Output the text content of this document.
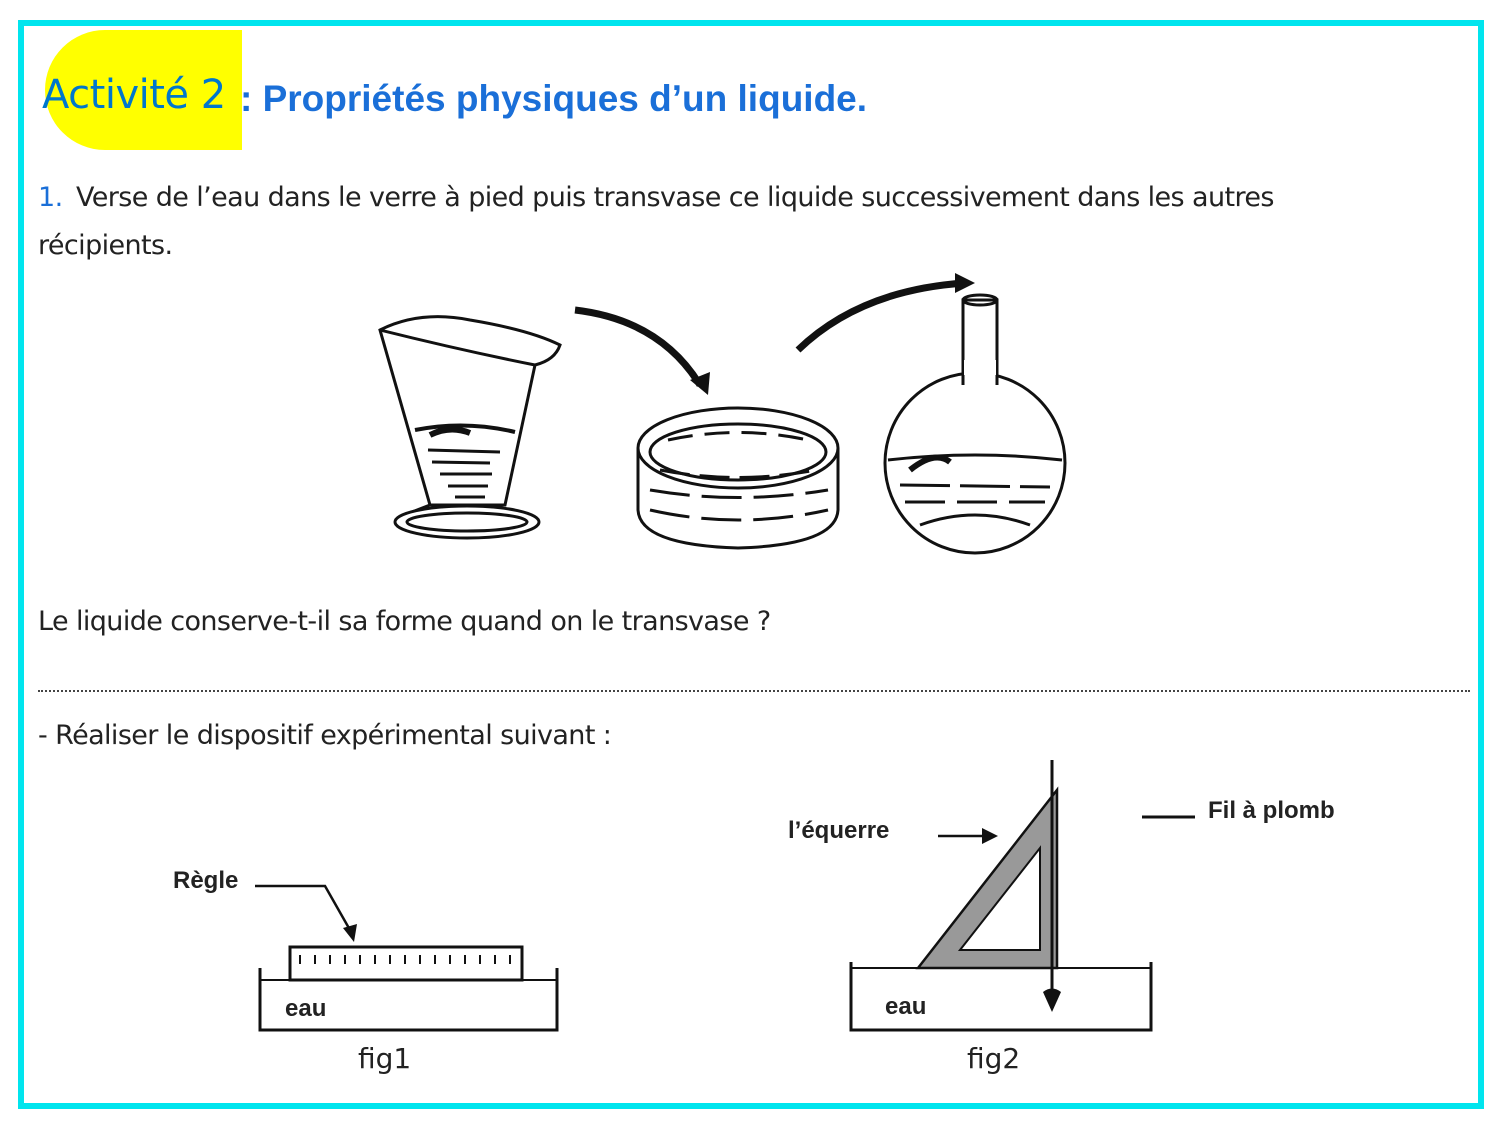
Activité 2 : Propriétés physiques d’un liquide.
1. Verse de l’eau dans le verre à pied puis transvase ce liquide successivement dans les autres
récipients.
Règle
eau
fig1
l’équerre
Fil à plomb
eau
fig2
Le liquide conserve-t-il sa forme quand on le transvase ?
- Réaliser le dispositif expérimental suivant :
